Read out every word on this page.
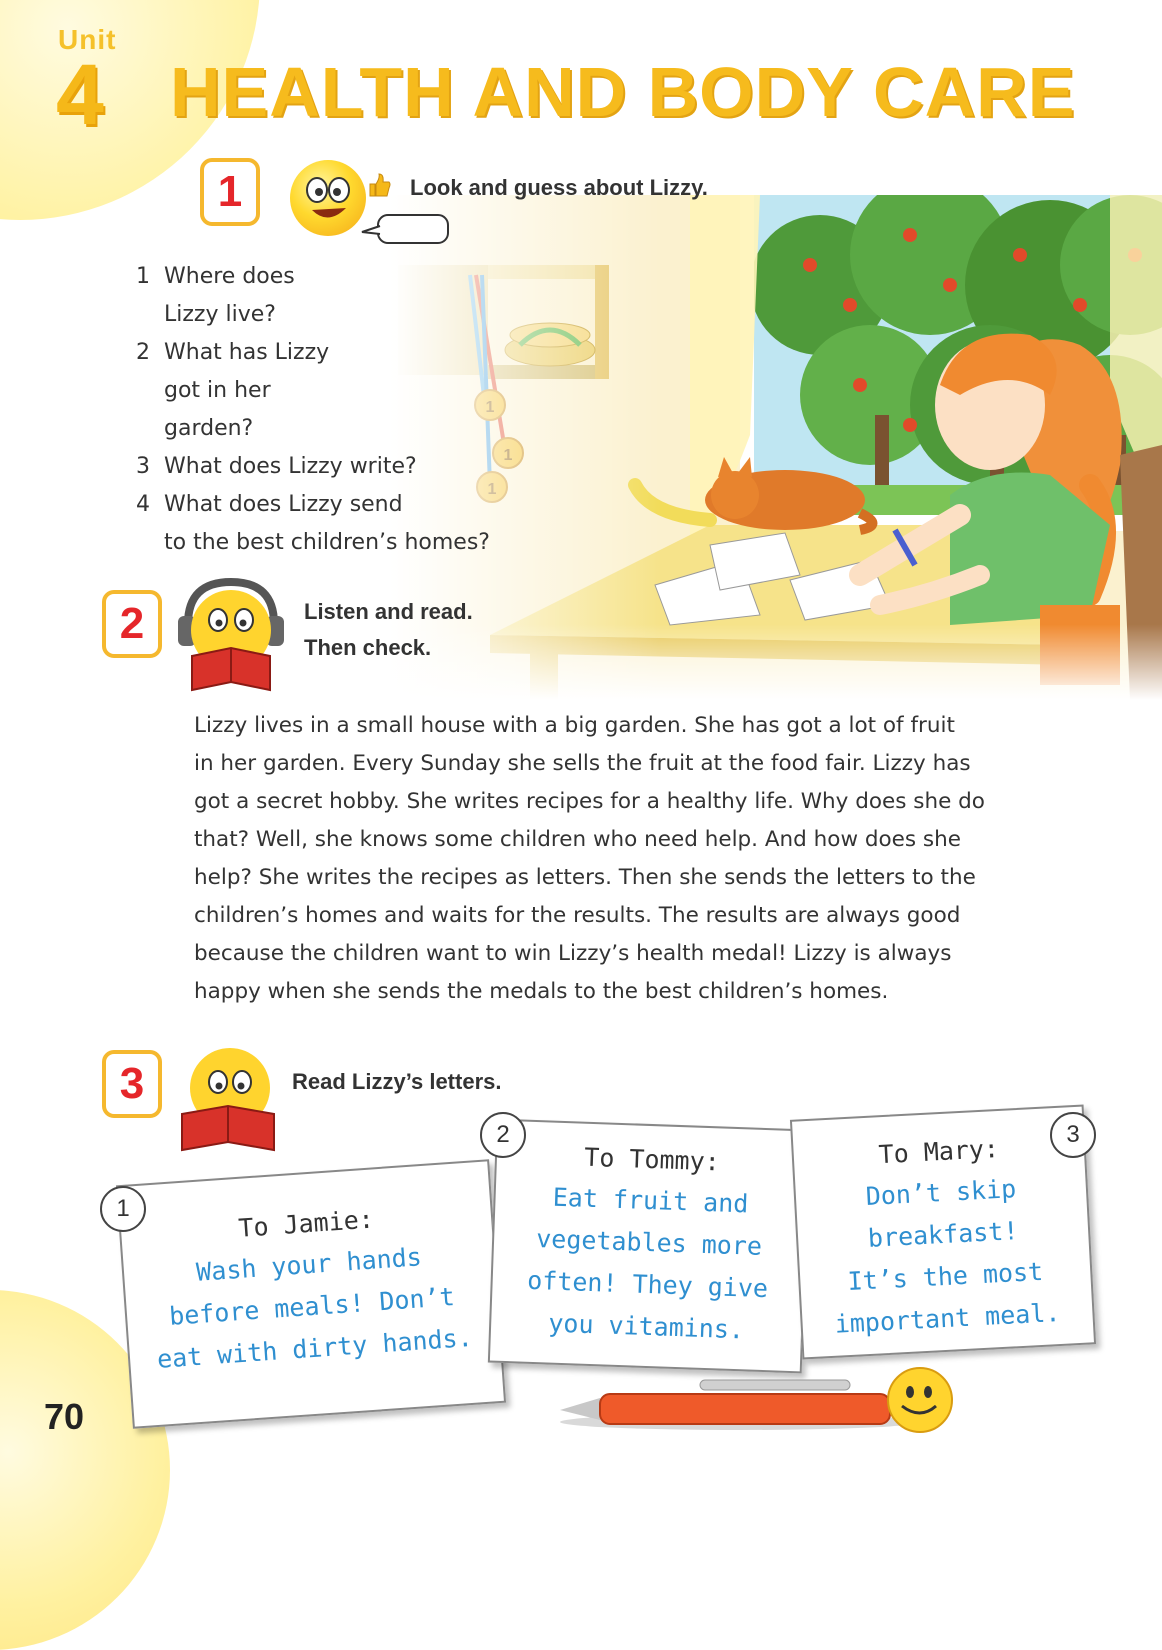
Unit
4 HEALTH AND BODY CARE
1	Look and guess about Lizzy.
1 Where does
Lizzy live?
2 What has Lizzy
got in her
garden?
3 What does Lizzy write?
4 What does Lizzy send
to the best children’s homes?
2	Listen and read.
Then check.
Lizzy lives in a small house with a big garden. She has got a lot of fruit
in her garden. Every Sunday she sells the fruit at the food fair. Lizzy has
got a secret hobby. She writes recipes for a healthy life. Why does she do
that? Well, she knows some children who need help. And how does she
help? She writes the recipes as letters. Then she sends the letters to the
children’s homes and waits for the results. The results are always good
because the children want to win Lizzy’s health medal! Lizzy is always
happy when she sends the medals to the best children’s homes.
3	Read Lizzy’s letters.
To Jamie:
Wash your hands
before meals! Don’t
eat with dirty hands.
To Tommy:
Eat fruit and
vegetables more
often! They give
you vitamins.
To Mary:
Don’t skip
breakfast!
It’s the most
important meal.
1
2	3
70
